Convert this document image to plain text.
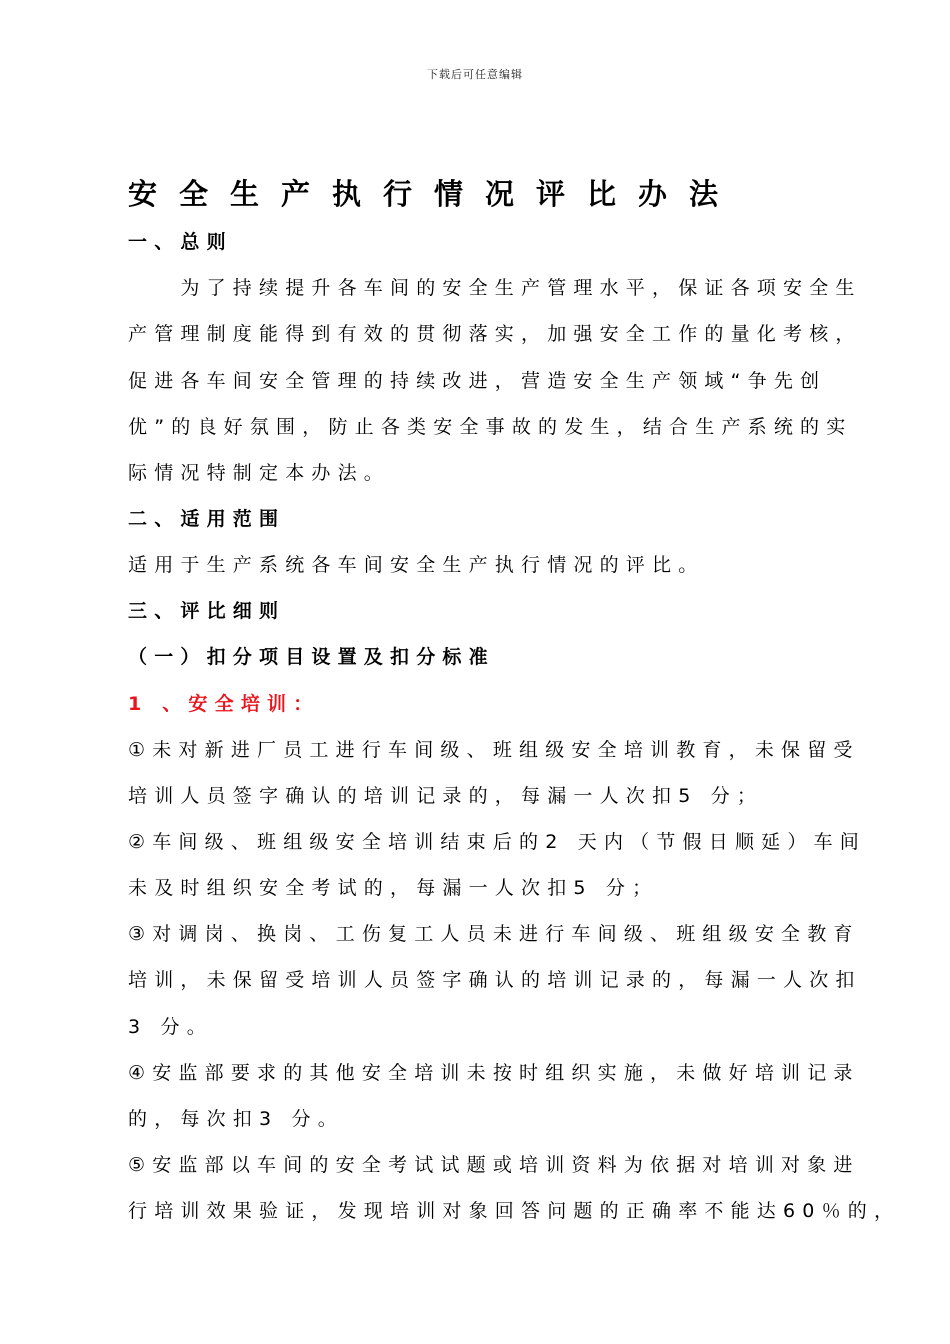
下载后可任意编辑
安全生产执行情况评比办法
一、总则
　　为了持续提升各车间的安全生产管理水平，保证各项安全生
产管理制度能得到有效的贯彻落实，加强安全工作的量化考核，
促进各车间安全管理的持续改进，营造安全生产领域“争先创
优”的良好氛围，防止各类安全事故的发生，结合生产系统的实
际情况特制定本办法。
二、适用范围
适用于生产系统各车间安全生产执行情况的评比。
三、评比细则
（一）扣分项目设置及扣分标准
1 、安全培训：
①未对新进厂员工进行车间级、班组级安全培训教育，未保留受
培训人员签字确认的培训记录的，每漏一人次扣5 分；
②车间级、班组级安全培训结束后的2 天内（节假日顺延）车间
未及时组织安全考试的，每漏一人次扣5 分；
③对调岗、换岗、工伤复工人员未进行车间级、班组级安全教育
培训，未保留受培训人员签字确认的培训记录的，每漏一人次扣
3 分。
④安监部要求的其他安全培训未按时组织实施，未做好培训记录
的，每次扣3 分。
⑤安监部以车间的安全考试试题或培训资料为依据对培训对象进
行培训效果验证，发现培训对象回答问题的正确率不能达60％的，
